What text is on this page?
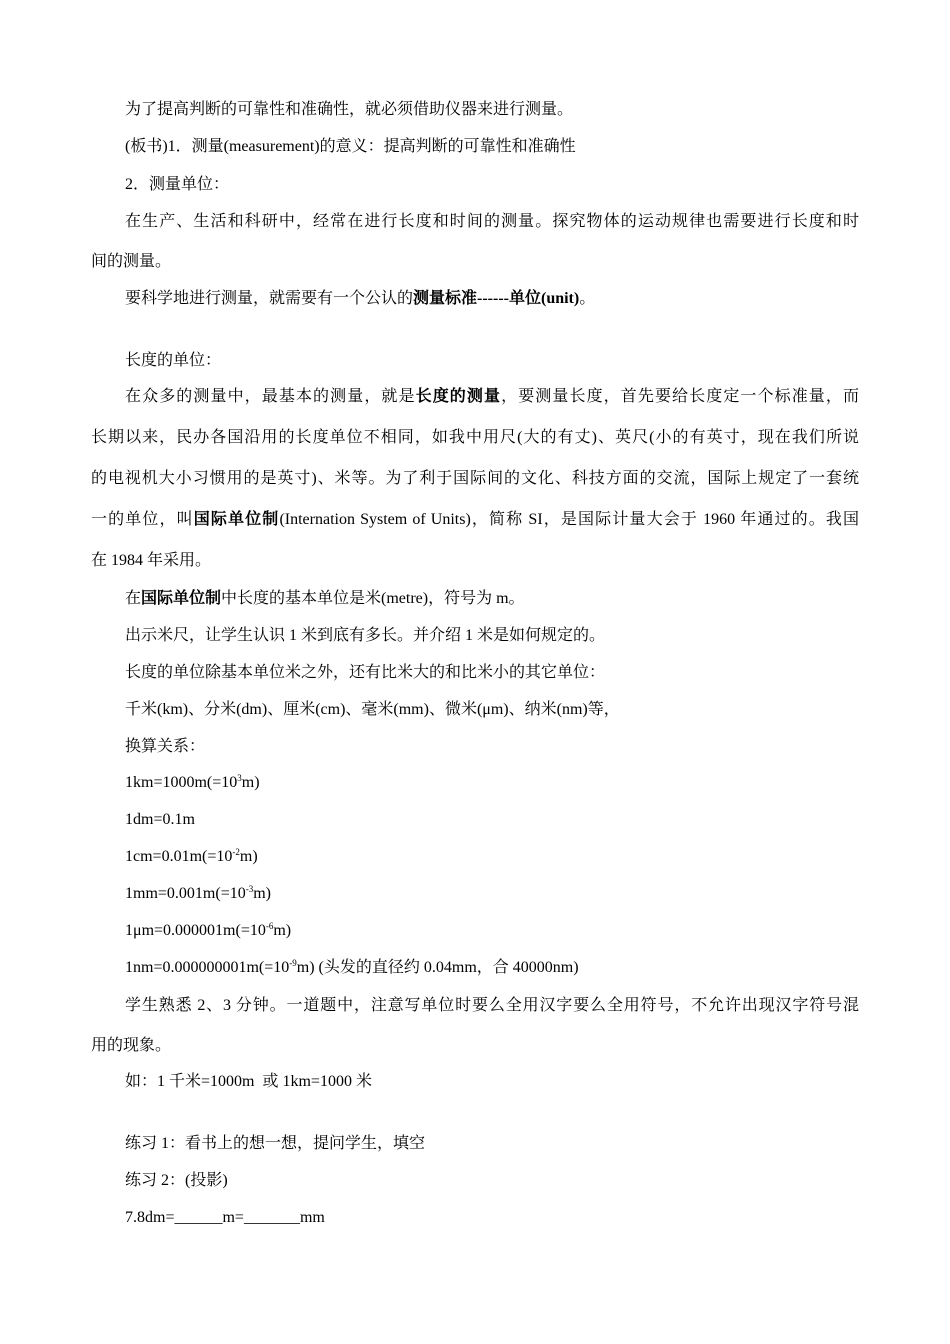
为了提高判断的可靠性和准确性，就必须借助仪器来进行测量。
(板书)1．测量(measurement)的意义：提高判断的可靠性和准确性
2．测量单位：
在生产、生活和科研中，经常在进行长度和时间的测量。探究物体的运动规律也需要进行长度和时
间的测量。
要科学地进行测量，就需要有一个公认的测量标准------单位(unit)。
长度的单位：
在众多的测量中，最基本的测量，就是长度的测量，要测量长度，首先要给长度定一个标准量，而
长期以来，民办各国沿用的长度单位不相同，如我中用尺(大的有丈)、英尺(小的有英寸，现在我们所说
的电视机大小习惯用的是英寸)、米等。为了利于国际间的文化、科技方面的交流，国际上规定了一套统
一的单位，叫国际单位制(Internation System of Units)，简称 SI，是国际计量大会于 1960 年通过的。我国
在 1984 年采用。
在国际单位制中长度的基本单位是米(metre)，符号为 m。
出示米尺，让学生认识 1 米到底有多长。并介绍 1 米是如何规定的。
长度的单位除基本单位米之外，还有比米大的和比米小的其它单位：
千米(km)、分米(dm)、厘米(cm)、毫米(mm)、微米(μm)、纳米(nm)等，
换算关系：
$1km=1000m(=10^3m)$
1dm=0.1m
$1cm=0.01m(=10^{-2}m)$
$1mm=0.001m(=10^{-3}m)$
$1\mu m=0.000001m(=10^{-6}m)$
$1nm=0.000000001m(=10^{-9}m)$ (头发的直径约 0.04mm，合 40000nm)
学生熟悉 2、3 分钟。一道题中，注意写单位时要么全用汉字要么全用符号，不允许出现汉字符号混
用的现象。
如：1 千米=1000m  或 1km=1000 米
练习 1：看书上的想一想，提问学生，填空
练习 2：(投影)
7.8dm=______m=_______mm
